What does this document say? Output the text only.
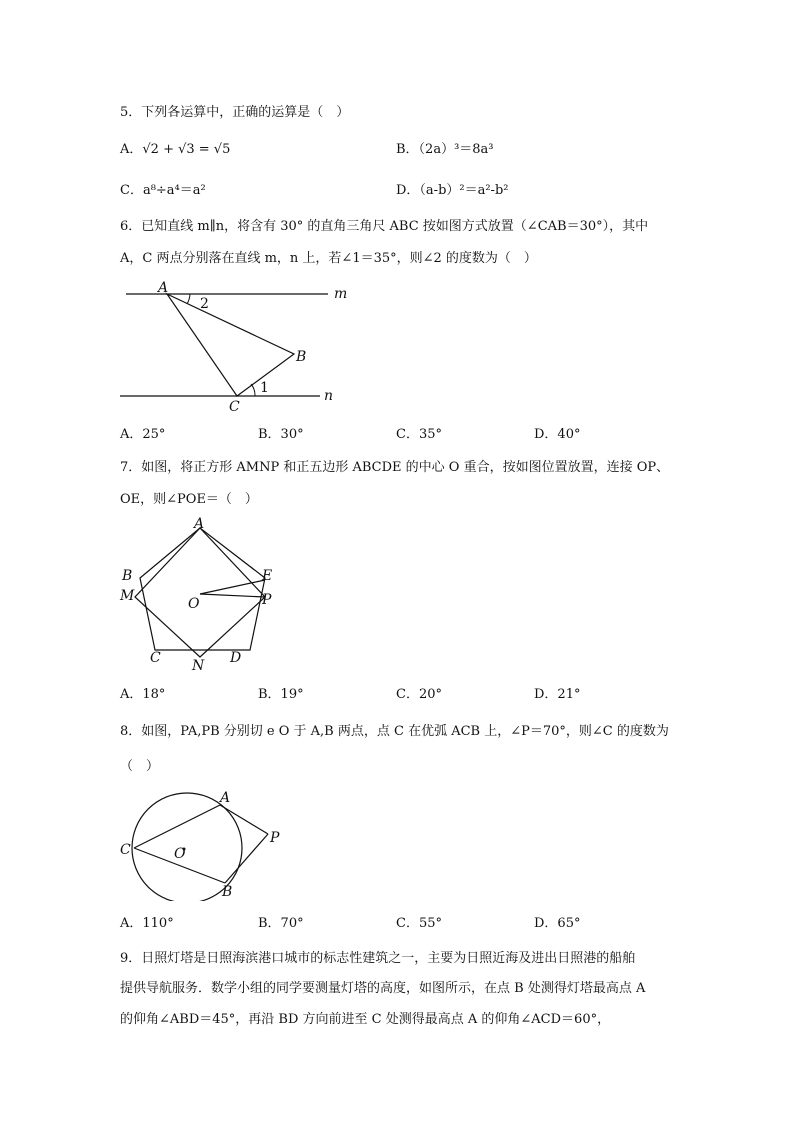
5．下列各运算中，正确的运算是（　）
A．√2 + √3 = √5	B．（2a）³＝8a³
C．a⁸÷a⁴＝a²	D．（a-b）²＝a²-b²
6．已知直线 m∥n，将含有 30° 的直角三角尺 ABC 按如图方式放置（∠CAB＝30°），其中
A，C 两点分别落在直线 m，n 上，若∠1＝35°，则∠2 的度数为（　）
A
2
B
C
1
m
n
A．25°	B．30°	C．35°	D．40°
7．如图，将正方形 AMNP 和正五边形 ABCDE 的中心 O 重合，按如图位置放置，连接 OP、
OE，则∠POE＝（　）
A
B
M	O
E
P
C N D
A．18°	B．19°	C．20°	D．21°
8．如图，PA,PB 分别切 e O 于 A,B 两点，点 C 在优弧 ACB 上，∠P＝70°，则∠C 的度数为
（　）
A
P
C	O
B
A．110°	B．70°	C．55°	D．65°
9．日照灯塔是日照海滨港口城市的标志性建筑之一，主要为日照近海及进出日照港的船舶
提供导航服务．数学小组的同学要测量灯塔的高度，如图所示，在点 B 处测得灯塔最高点 A
的仰角∠ABD＝45°，再沿 BD 方向前进至 C 处测得最高点 A 的仰角∠ACD＝60°，
